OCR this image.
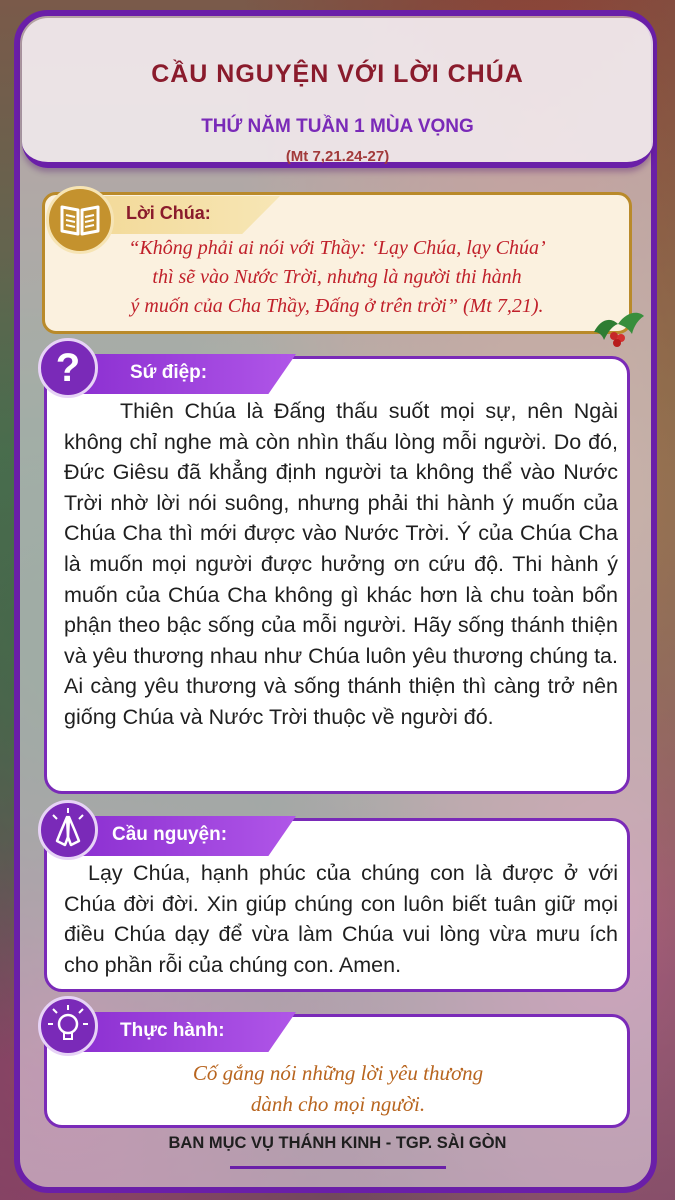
CẦU NGUYỆN VỚI LỜI CHÚA
THỨ NĂM TUẦN 1 MÙA VỌNG
(Mt 7,21.24-27)
Lời Chúa:
“Không phải ai nói với Thầy: ‘Lạy Chúa, lạy Chúa’
thì sẽ vào Nước Trời, nhưng là người thi hành
ý muốn của Cha Thầy, Đấng ở trên trời” (Mt 7,21).
Sứ điệp:
?
Thiên Chúa là Đấng thấu suốt mọi sự, nên Ngài không chỉ nghe mà còn nhìn thấu lòng mỗi người. Do đó, Đức Giêsu đã khẳng định người ta không thể vào Nước Trời nhờ lời nói suông, nhưng phải thi hành ý muốn của Chúa Cha thì mới được vào Nước Trời. Ý của Chúa Cha là muốn mọi người được hưởng ơn cứu độ. Thi hành ý muốn của Chúa Cha không gì khác hơn là chu toàn bổn phận theo bậc sống của mỗi người. Hãy sống thánh thiện và yêu thương nhau như Chúa luôn yêu thương chúng ta. Ai càng yêu thương và sống thánh thiện thì càng trở nên giống Chúa và Nước Trời thuộc về người đó.
Cầu nguyện:
Lạy Chúa, hạnh phúc của chúng con là được ở với Chúa đời đời. Xin giúp chúng con luôn biết tuân giữ mọi điều Chúa dạy để vừa làm Chúa vui lòng vừa mưu ích cho phần rỗi của chúng con. Amen.
Thực hành:
Cố gắng nói những lời yêu thương
dành cho mọi người.
BAN MỤC VỤ THÁNH KINH - TGP. SÀI GÒN
